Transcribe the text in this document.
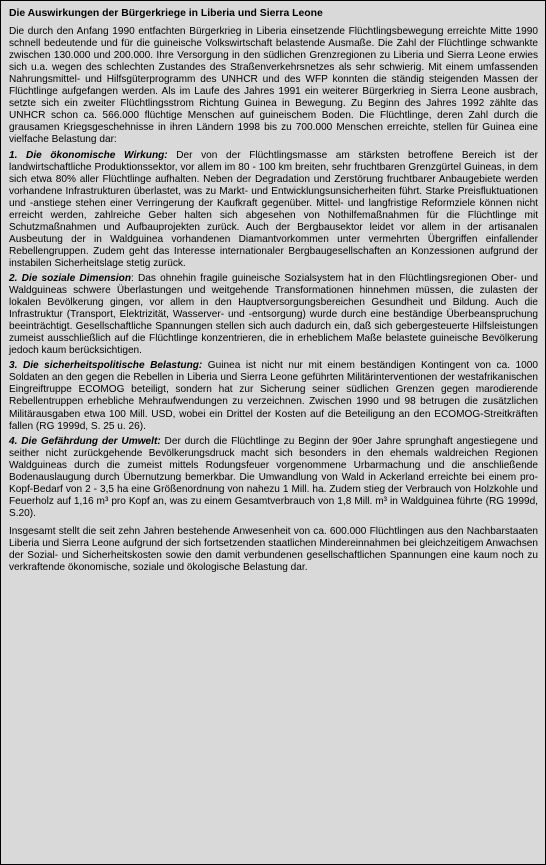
Die Auswirkungen der Bürgerkriege in Liberia und Sierra Leone

Die durch den Anfang 1990 entfachten Bürgerkrieg in Liberia einsetzende Flüchtlingsbewegung erreichte Mitte 1990 schnell bedeutende und für die guineische Volkswirtschaft belastende Ausmaße. Die Zahl der Flüchtlinge schwankte zwischen 130.000 und 200.000. Ihre Versorgung in den südlichen Grenzregionen zu Liberia und Sierra Leone erwies sich u.a. wegen des schlechten Zustandes des Straßenverkehrsnetzes als sehr schwierig. Mit einem umfassenden Nahrungsmittel- und Hilfsgüterprogramm des UNHCR und des WFP konnten die ständig steigenden Massen der Flüchtlinge aufgefangen werden. Als im Laufe des Jahres 1991 ein weiterer Bürgerkrieg in Sierra Leone ausbrach, setzte sich ein zweiter Flüchtlingsstrom Richtung Guinea in Bewegung. Zu Beginn des Jahres 1992 zählte das UNHCR schon ca. 566.000 flüchtige Menschen auf guineischem Boden. Die Flüchtlinge, deren Zahl durch die grausamen Kriegsgeschehnisse in ihren Ländern 1998 bis zu 700.000 Menschen erreichte, stellen für Guinea eine vielfache Belastung dar:

1. Die ökonomische Wirkung: Der von der Flüchtlingsmasse am stärksten betroffene Bereich ist der landwirtschaftliche Produktionssektor, vor allem im 80 - 100 km breiten, sehr fruchtbaren Grenzgürtel Guineas, in dem sich etwa 80% aller Flüchtlinge aufhalten. Neben der Degradation und Zerstörung fruchtbarer Anbaugebiete werden vorhandene Infrastrukturen überlastet, was zu Markt- und Entwicklungsunsicherheiten führt. Starke Preisfluktuationen und -anstiege stehen einer Verringerung der Kaufkraft gegenüber. Mittel- und langfristige Reformziele können nicht erreicht werden, zahlreiche Geber halten sich abgesehen von Nothilfemaßnahmen für die Flüchtlinge mit Schutzmaßnahmen und Aufbauprojekten zurück. Auch der Bergbausektor leidet vor allem in der artisanalen Ausbeutung der in Waldguinea vorhandenen Diamantvorkommen unter vermehrten Übergriffen einfallender Rebellengruppen. Zudem geht das Interesse internationaler Bergbaugesellschaften an Konzessionen aufgrund der instabilen Sicherheitslage stetig zurück.

2. Die soziale Dimension: Das ohnehin fragile guineische Sozialsystem hat in den Flüchtlingsregionen Ober- und Waldguineas schwere Überlastungen und weitgehende Transformationen hinnehmen müssen, die zulasten der lokalen Bevölkerung gingen, vor allem in den Hauptversorgungsbereichen Gesundheit und Bildung. Auch die Infrastruktur (Transport, Elektrizität, Wasserver- und -entsorgung) wurde durch eine beständige Überbeanspruchung beeinträchtigt. Gesellschaftliche Spannungen stellen sich auch dadurch ein, daß sich gebergesteuerte Hilfsleistungen zumeist ausschließlich auf die Flüchtlinge konzentrieren, die in erheblichem Maße belastete guineische Bevölkerung jedoch kaum berücksichtigen.

3. Die sicherheitspolitische Belastung: Guinea ist nicht nur mit einem beständigen Kontingent von ca. 1000 Soldaten an den gegen die Rebellen in Liberia und Sierra Leone geführten Militärinterventionen der westafrikanischen Eingreiftruppe ECOMOG beteiligt, sondern hat zur Sicherung seiner südlichen Grenzen gegen marodierende Rebellentruppen erhebliche Mehraufwendungen zu verzeichnen. Zwischen 1990 und 98 betrugen die zusätzlichen Militärausgaben etwa 100 Mill. USD, wobei ein Drittel der Kosten auf die Beteiligung an den ECOMOG-Streitkräften fallen (RG 1999d, S. 25 u. 26).

4. Die Gefährdung der Umwelt: Der durch die Flüchtlinge zu Beginn der 90er Jahre sprunghaft angestiegene und seither nicht zurückgehende Bevölkerungsdruck macht sich besonders in den ehemals waldreichen Regionen Waldguineas durch die zumeist mittels Rodungsfeuer vorgenommene Urbarmachung und die anschließende Bodenauslaugung durch Übernutzung bemerkbar. Die Umwandlung von Wald in Ackerland erreichte bei einem pro-Kopf-Bedarf von 2 - 3,5 ha eine Größenordnung von nahezu 1 Mill. ha. Zudem stieg der Verbrauch von Holzkohle und Feuerholz auf 1,16 m³ pro Kopf an, was zu einem Gesamtverbrauch von 1,8 Mill. m³ in Waldguinea führte (RG 1999d, S.20).

Insgesamt stellt die seit zehn Jahren bestehende Anwesenheit von ca. 600.000 Flüchtlingen aus den Nachbarstaaten Liberia und Sierra Leone aufgrund der sich fortsetzenden staatlichen Mindereinnahmen bei gleichzeitigem Anwachsen der Sozial- und Sicherheitskosten sowie den damit verbundenen gesellschaftlichen Spannungen eine kaum noch zu verkraftende ökonomische, soziale und ökologische Belastung dar.
